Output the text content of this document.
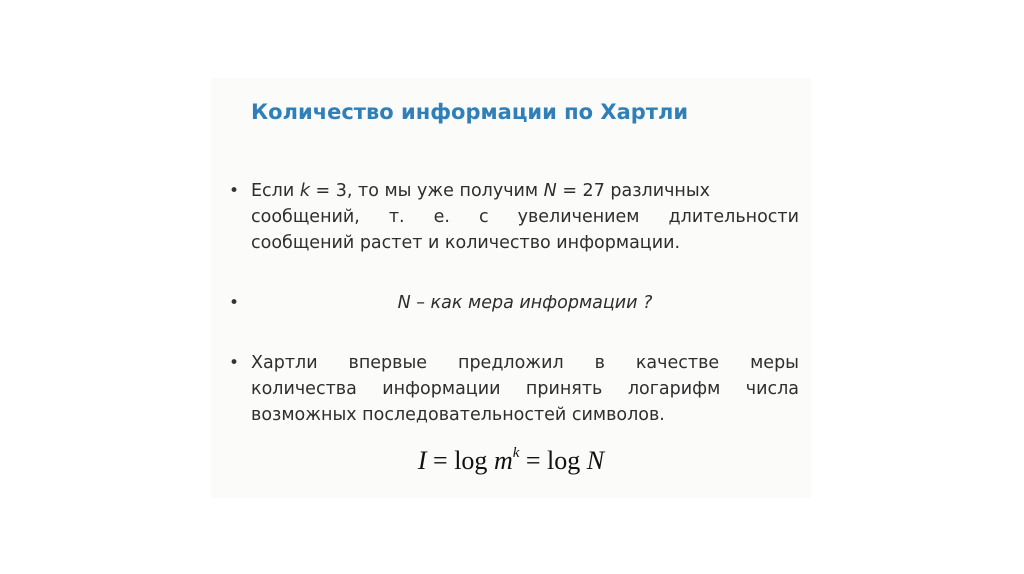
Количество информации по Хартли
• Если k = 3, то мы уже получим N = 27 различных
сообщений, т. е. с увеличением длительности
сообщений растет и количество информации.
•	N – как мера информации ?
• Хартли впервые предложил в качестве меры
количества информации принять логарифм числа
возможных последовательностей символов.
$I = \log m^k = \log N$
